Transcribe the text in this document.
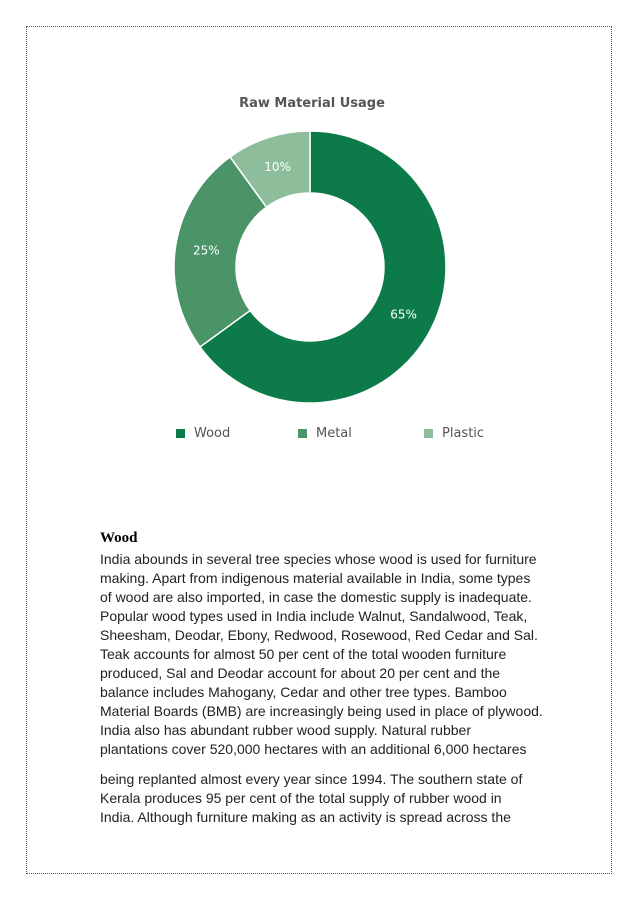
Raw Material Usage
65%
25%
10%
Wood	Metal	Plastic
Wood

India abounds in several tree species whose wood is used for furniture
making. Apart from indigenous material available in India, some types
of wood are also imported, in case the domestic supply is inadequate.
Popular wood types used in India include Walnut, Sandalwood, Teak,
Sheesham, Deodar, Ebony, Redwood, Rosewood, Red Cedar and Sal.
Teak accounts for almost 50 per cent of the total wooden furniture
produced, Sal and Deodar account for about 20 per cent and the
balance includes Mahogany, Cedar and other tree types. Bamboo
Material Boards (BMB) are increasingly being used in place of plywood.
India also has abundant rubber wood supply. Natural rubber
plantations cover 520,000 hectares with an additional 6,000 hectares

being replanted almost every year since 1994. The southern state of
Kerala produces 95 per cent of the total supply of rubber wood in
India. Although furniture making as an activity is spread across the
